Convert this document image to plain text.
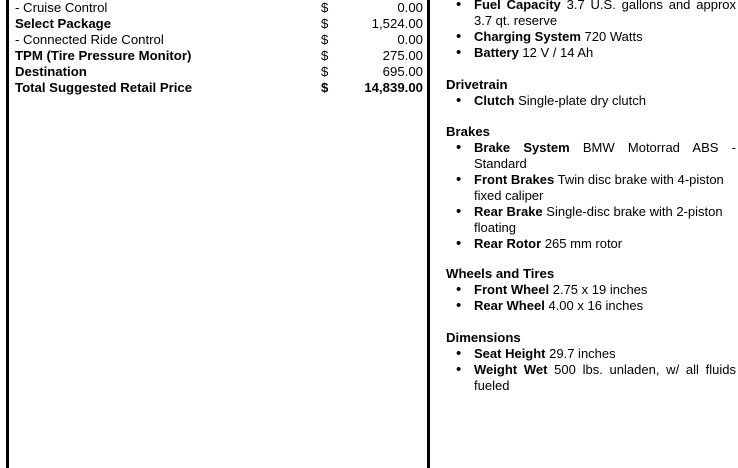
- Cruise Control	$	0.00
Select Package	$	1,524.00
- Connected Ride Control	$	0.00
TPM (Tire Pressure Monitor)	$	275.00
Destination	$	695.00
Total Suggested Retail Price	$	14,839.00
• Fuel Capacity 3.7 U.S. gallons and approx 3.7 qt. reserve
• Charging System 720 Watts
• Battery 12 V / 14 Ah
Drivetrain
• Clutch Single-plate dry clutch
Brakes
• Brake System BMW Motorrad ABS - Standard
• Front Brakes Twin disc brake with 4-piston fixed caliper
• Rear Brake Single-disc brake with 2-piston floating
• Rear Rotor 265 mm rotor
Wheels and Tires
• Front Wheel 2.75 x 19 inches
• Rear Wheel 4.00 x 16 inches
Dimensions
• Seat Height 29.7 inches
• Weight Wet 500 lbs. unladen, w/ all fluids fueled
